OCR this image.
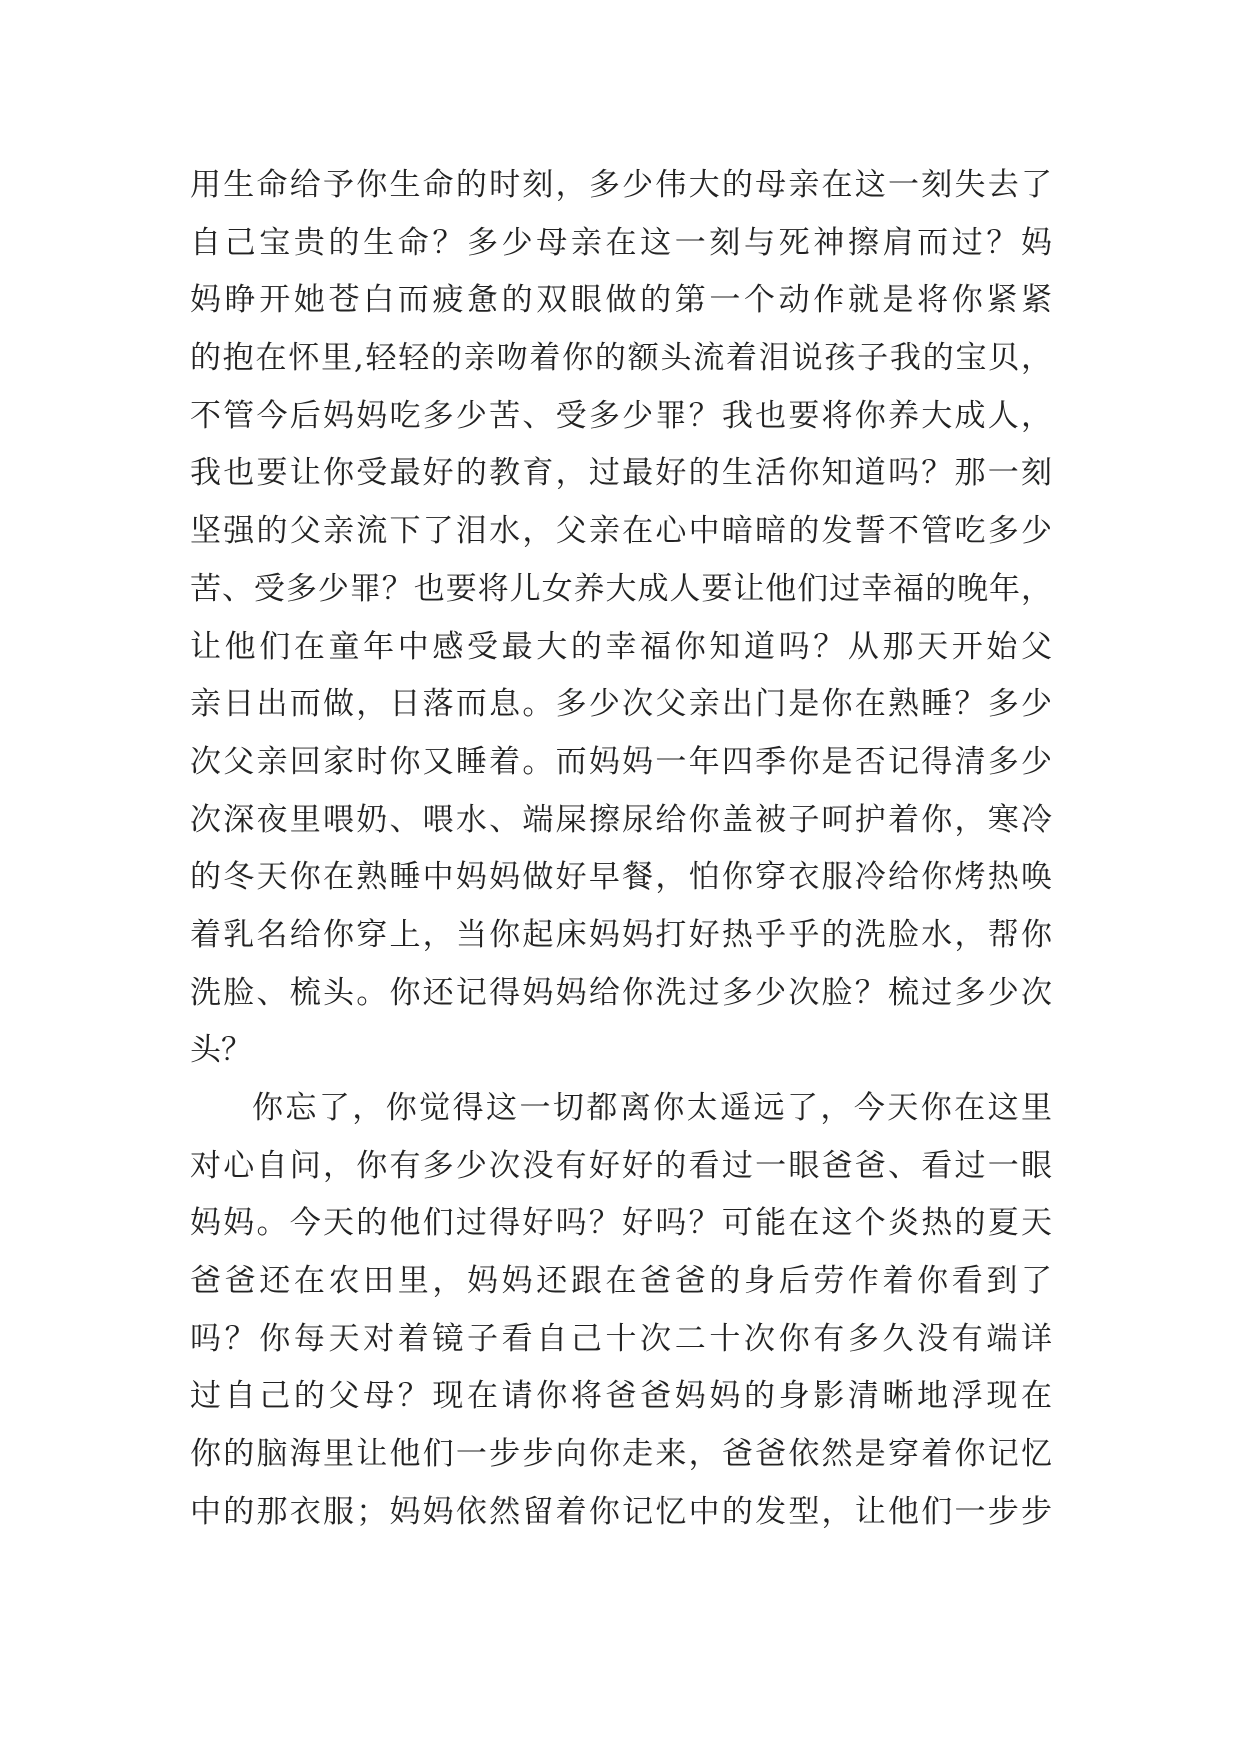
用生命给予你生命的时刻，多少伟大的母亲在这一刻失去了
自己宝贵的生命？多少母亲在这一刻与死神擦肩而过？妈
妈睁开她苍白而疲惫的双眼做的第一个动作就是将你紧紧
的抱在怀里,轻轻的亲吻着你的额头流着泪说孩子我的宝贝，
不管今后妈妈吃多少苦、受多少罪？我也要将你养大成人，
我也要让你受最好的教育，过最好的生活你知道吗？那一刻
坚强的父亲流下了泪水，父亲在心中暗暗的发誓不管吃多少
苦、受多少罪？也要将儿女养大成人要让他们过幸福的晚年，
让他们在童年中感受最大的幸福你知道吗？从那天开始父
亲日出而做，日落而息。多少次父亲出门是你在熟睡？多少
次父亲回家时你又睡着。而妈妈一年四季你是否记得清多少
次深夜里喂奶、喂水、端屎擦尿给你盖被子呵护着你，寒冷
的冬天你在熟睡中妈妈做好早餐，怕你穿衣服冷给你烤热唤
着乳名给你穿上，当你起床妈妈打好热乎乎的洗脸水，帮你
洗脸、梳头。你还记得妈妈给你洗过多少次脸？梳过多少次
头？
你忘了，你觉得这一切都离你太遥远了，今天你在这里
对心自问，你有多少次没有好好的看过一眼爸爸、看过一眼
妈妈。今天的他们过得好吗？好吗？可能在这个炎热的夏天
爸爸还在农田里，妈妈还跟在爸爸的身后劳作着你看到了
吗？你每天对着镜子看自己十次二十次你有多久没有端详
过自己的父母？现在请你将爸爸妈妈的身影清晰地浮现在
你的脑海里让他们一步步向你走来，爸爸依然是穿着你记忆
中的那衣服；妈妈依然留着你记忆中的发型，让他们一步步
